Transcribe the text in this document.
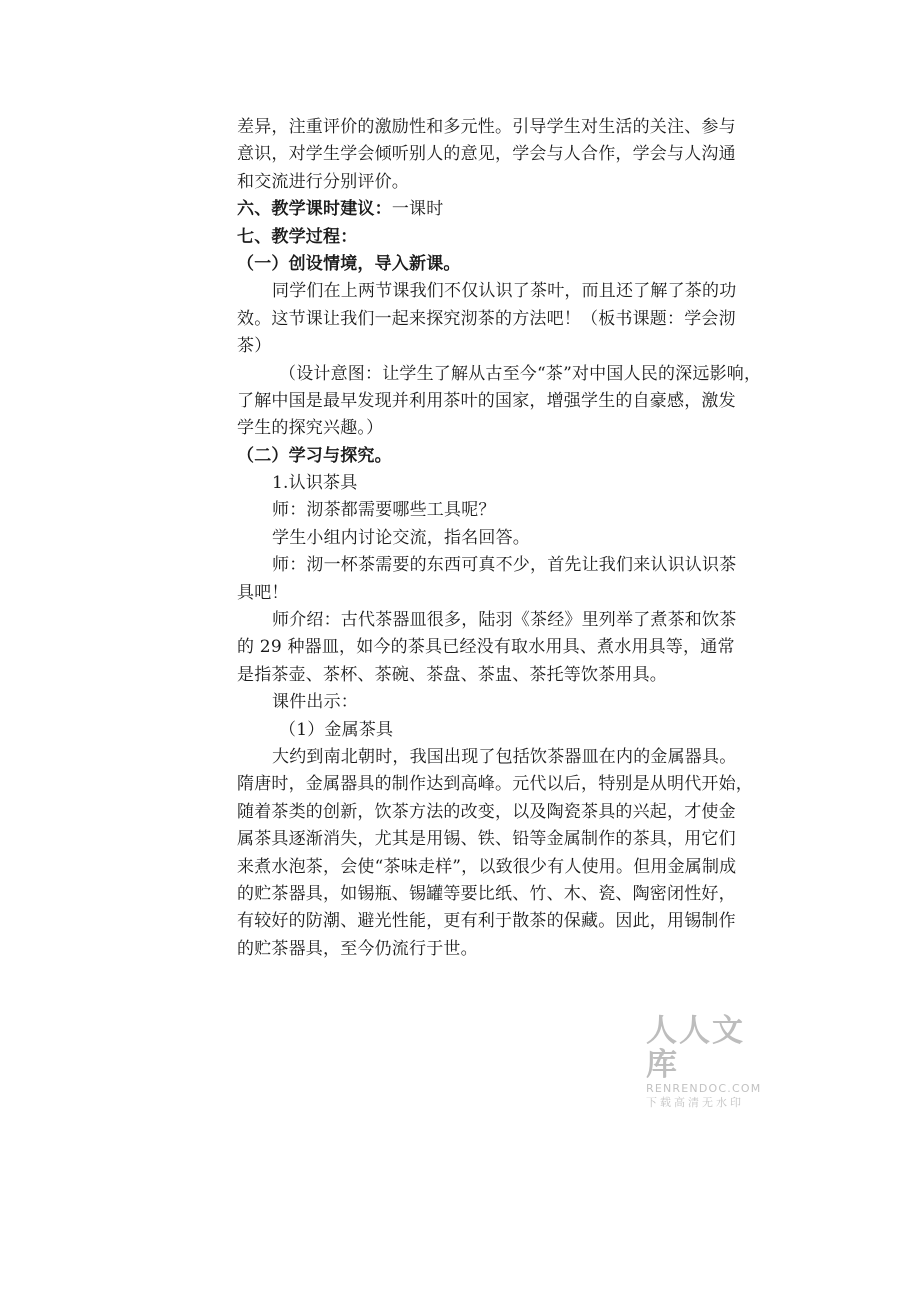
差异，注重评价的激励性和多元性。引导学生对生活的关注、参与
意识，对学生学会倾听别人的意见，学会与人合作，学会与人沟通
和交流进行分别评价。
六、教学课时建议：一课时
七、教学过程：
（一）创设情境，导入新课。
同学们在上两节课我们不仅认识了茶叶，而且还了解了茶的功
效。这节课让我们一起来探究沏茶的方法吧！（板书课题：学会沏
茶）
（设计意图：让学生了解从古至今“茶”对中国人民的深远影响，
了解中国是最早发现并利用茶叶的国家，增强学生的自豪感，激发
学生的探究兴趣。）
（二）学习与探究。
1.认识茶具
师：沏茶都需要哪些工具呢？
学生小组内讨论交流，指名回答。
师：沏一杯茶需要的东西可真不少，首先让我们来认识认识茶
具吧！
师介绍：古代茶器皿很多，陆羽《茶经》里列举了煮茶和饮茶
的 29 种器皿，如今的茶具已经没有取水用具、煮水用具等，通常
是指茶壶、茶杯、茶碗、茶盘、茶盅、茶托等饮茶用具。
课件出示：
（1）金属茶具
大约到南北朝时，我国出现了包括饮茶器皿在内的金属器具。
隋唐时，金属器具的制作达到高峰。元代以后，特别是从明代开始，
随着茶类的创新，饮茶方法的改变，以及陶瓷茶具的兴起，才使金
属茶具逐渐消失，尤其是用锡、铁、铅等金属制作的茶具，用它们
来煮水泡茶，会使“茶味走样”，以致很少有人使用。但用金属制成
的贮茶器具，如锡瓶、锡罐等要比纸、竹、木、瓷、陶密闭性好，
有较好的防潮、避光性能，更有利于散茶的保藏。因此，用锡制作
的贮茶器具，至今仍流行于世。
人人文库
RENRENDOC.COM
下载高清无水印
